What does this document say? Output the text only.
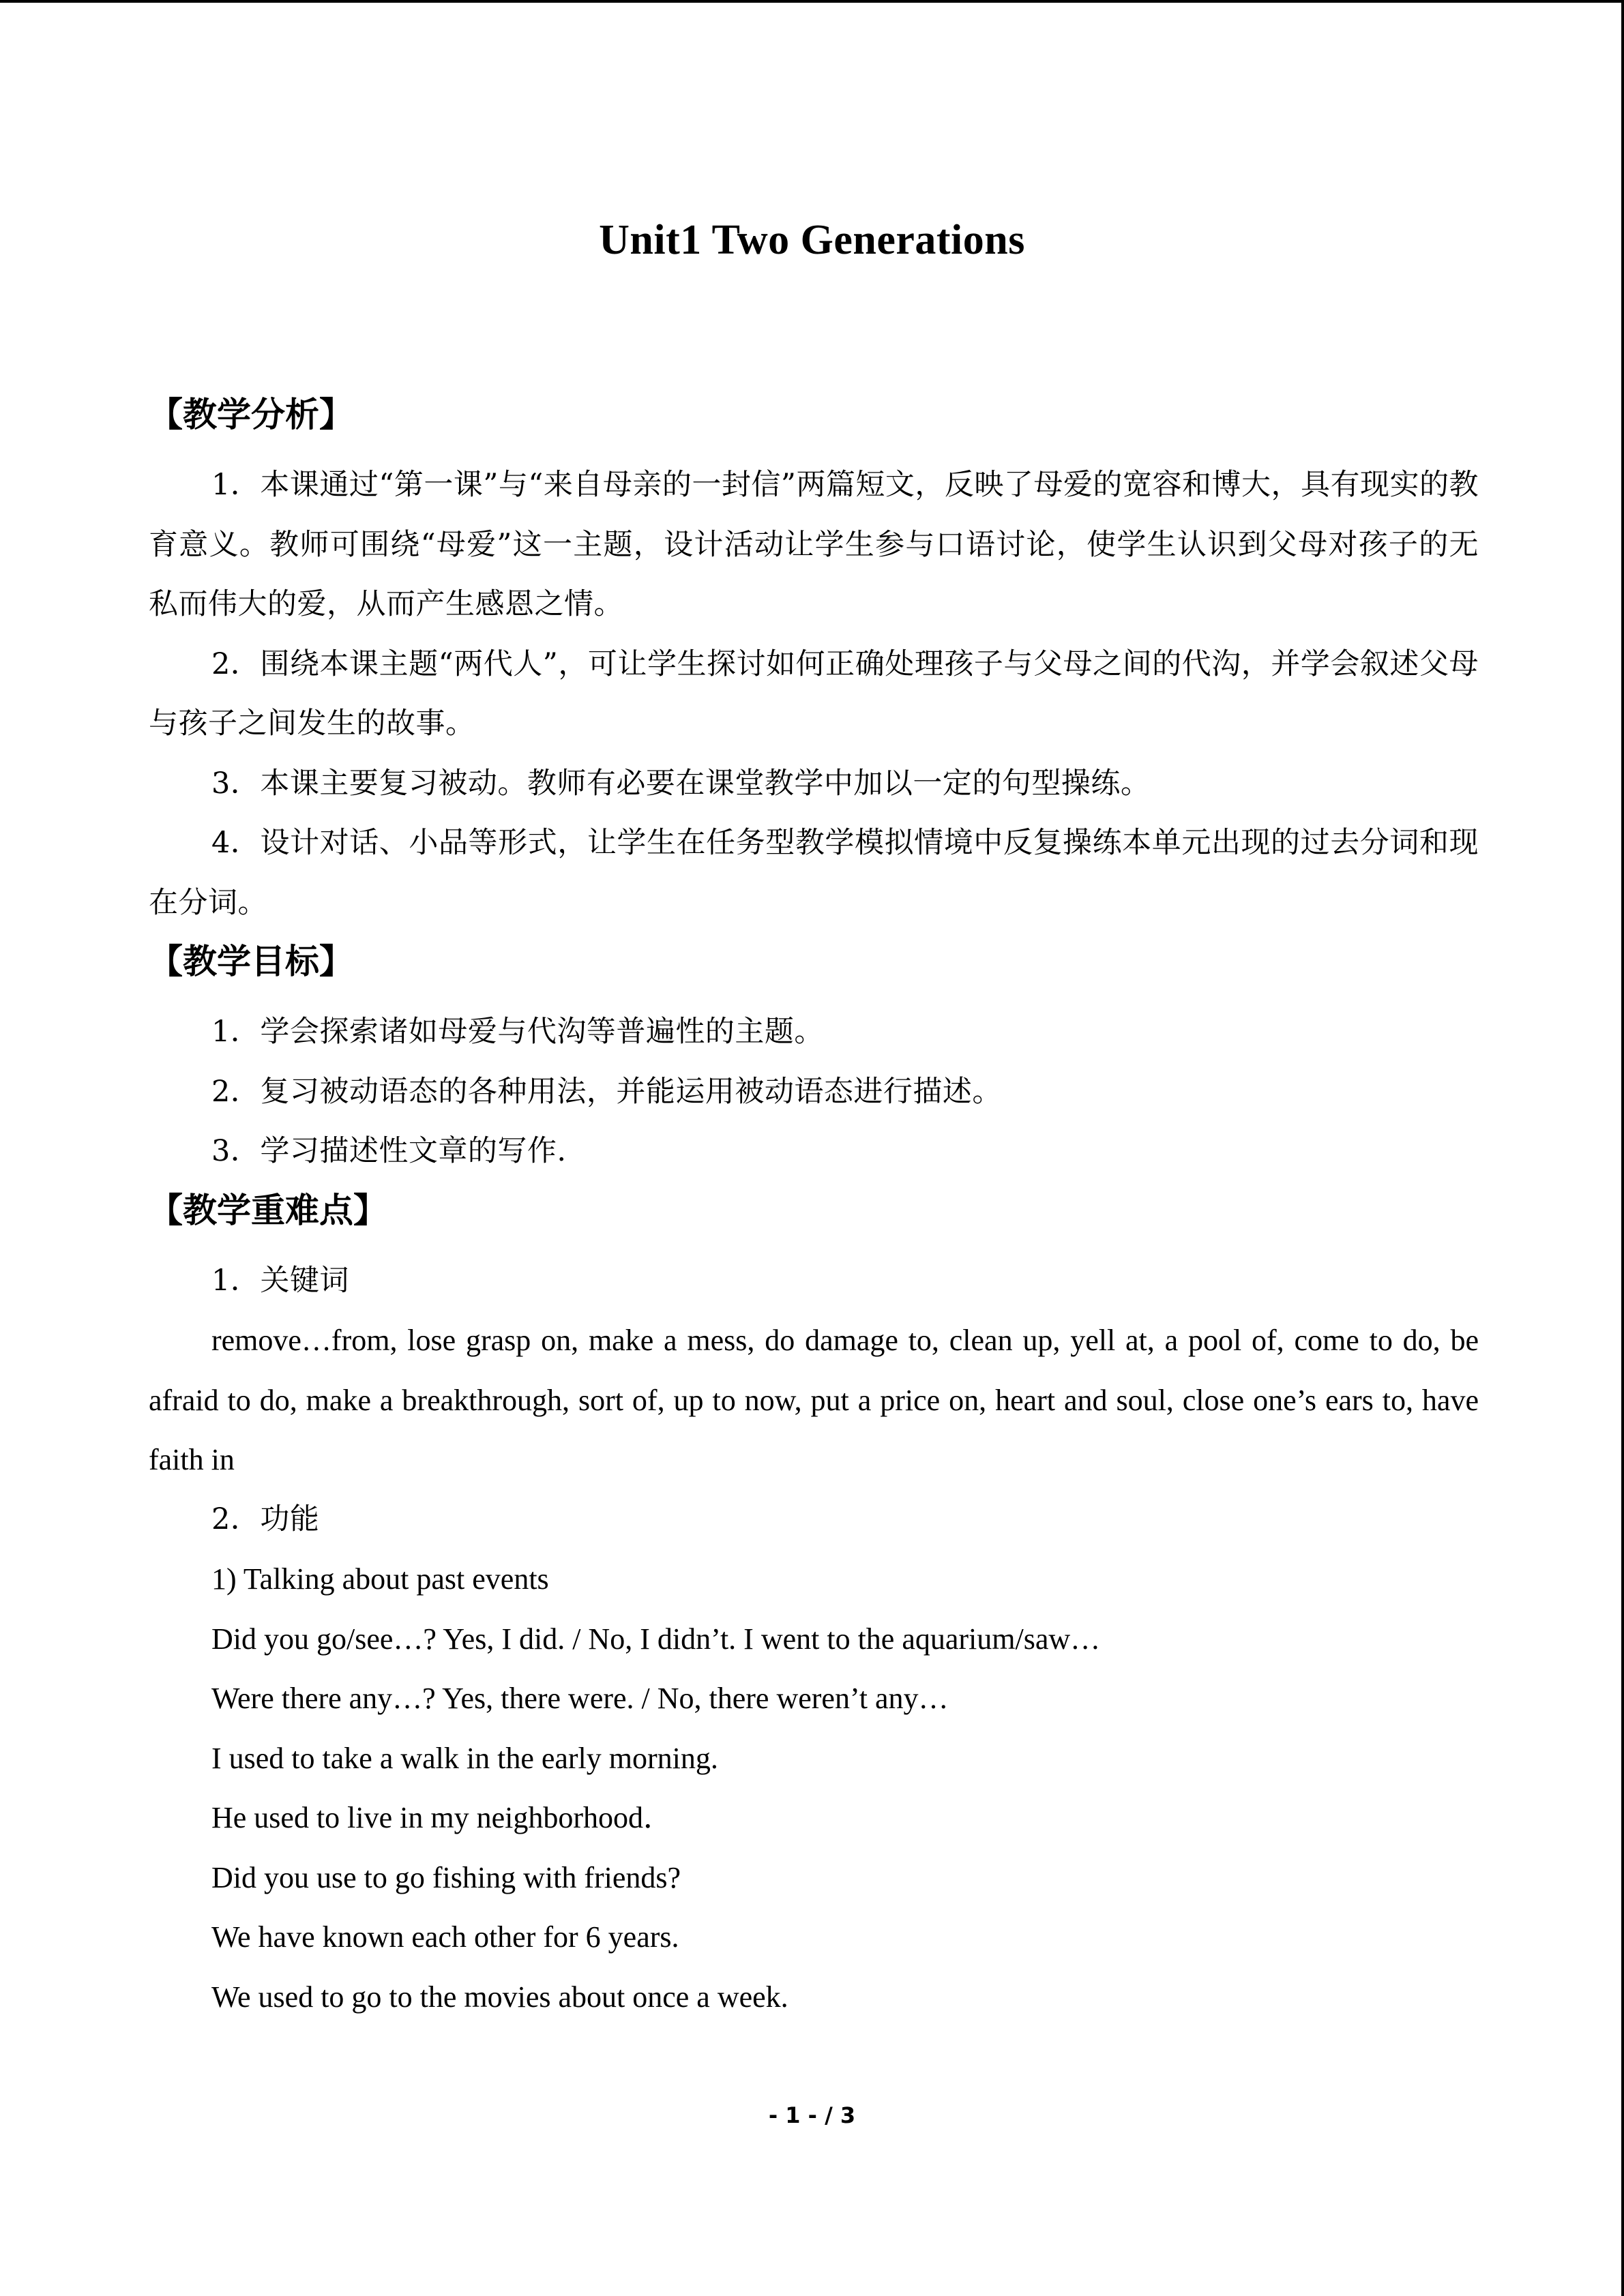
Unit1 Two Generations
【教学分析】

1．本课通过“第一课”与“来自母亲的一封信”两篇短文，反映了母爱的宽容和博大，具有现实的教育意义。教师可围绕“母爱”这一主题，设计活动让学生参与口语讨论，使学生认识到父母对孩子的无私而伟大的爱，从而产生感恩之情。

2．围绕本课主题“两代人”，可让学生探讨如何正确处理孩子与父母之间的代沟，并学会叙述父母与孩子之间发生的故事。

3．本课主要复习被动。教师有必要在课堂教学中加以一定的句型操练。

4．设计对话、小品等形式，让学生在任务型教学模拟情境中反复操练本单元出现的过去分词和现在分词。

【教学目标】

1．学会探索诸如母爱与代沟等普遍性的主题。

2．复习被动语态的各种用法，并能运用被动语态进行描述。

3．学习描述性文章的写作.

【教学重难点】

1．关键词

remove…from, lose grasp on, make a mess, do damage to, clean up, yell at, a pool of, come to do, be afraid to do, make a breakthrough, sort of, up to now, put a price on, heart and soul, close one’s ears to, have faith in

2．功能

1) Talking about past events

Did you go/see…? Yes, I did. / No, I didn’t. I went to the aquarium/saw…

Were there any…? Yes, there were. / No, there weren’t any…

I used to take a walk in the early morning.

He used to live in my neighborhood．

Did you use to go fishing with friends?

We have known each other for 6 years.

We used to go to the movies about once a week.

- 1 - / 3
